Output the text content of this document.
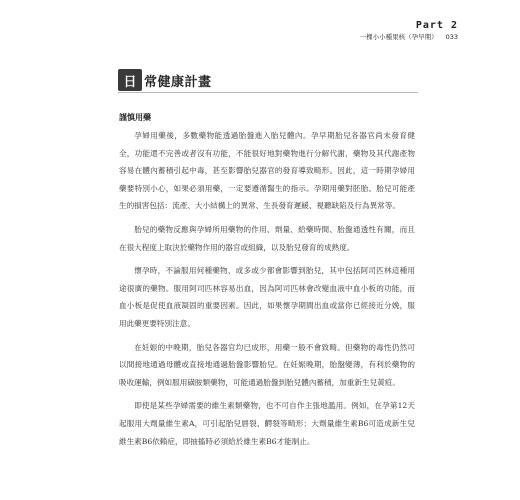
Part 2
一棵小小種果核（孕早期） 033
日 常健康計畫
謹慎用藥

孕婦用藥後，多數藥物能透過胎盤進入胎兒體內。孕早期胎兒各器官尚未發育健全，功能還不完善或者沒有功能，不能很好地對藥物進行分解代謝，藥物及其代謝產物容易在體內蓄積引起中毒，甚至影響胎兒器官的發育導致畸形。因此，這一時期孕婦用藥要特別小心，如果必須用藥，一定要遵循醫生的指示。孕期用藥對胚胎、胎兒可能產生的損害包括：流產、大小結構上的異常、生長發育遲緩、視聽缺陷及行為異常等。

胎兒的藥物反應與孕婦所用藥物的作用、劑量、給藥時間、胎盤通透性有關，而且在很大程度上取決於藥物作用的器官或組織，以及胎兒發育的成熟度。

懷孕時，不論服用何種藥物，或多或少都會影響到胎兒，其中包括阿司匹林這種用途很廣的藥物。服用阿司匹林容易出血，因為阿司匹林會改變血液中血小板的功能，而血小板是促使血液凝固的重要因素。因此，如果懷孕期間出血或當你已經接近分娩，服用此藥更要特別注意。

在妊娠的中晚期，胎兒各器官均已成形，用藥一般不會致畸。但藥物的毒性仍然可以間接地通過母體或直接地通過胎盤影響胎兒。在妊娠晚期，胎盤變薄，有利於藥物的吸收運輸，例如服用磺胺類藥物，可能通過胎盤到胎兒體內蓄積，加重新生兒黃疸。

即使是某些孕婦需要的維生素類藥物，也不可自作主張地濫用。例如，在孕第12天起服用大劑量維生素A，可引起胎兒唇裂、齶裂等畸形；大劑量維生素B6可造成新生兒維生素B6依賴症，即抽搐時必須給於維生素B6才能制止。
